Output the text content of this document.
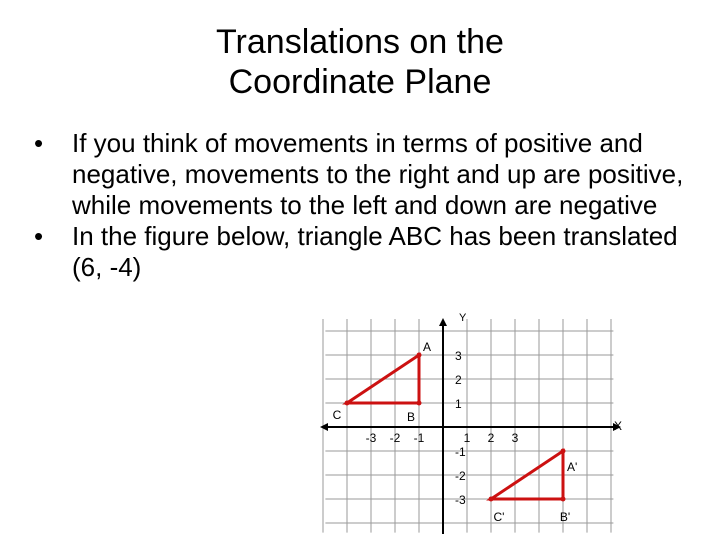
Translations on the
Coordinate Plane
• If you think of movements in terms of positive and negative, movements to the right and up are positive, while movements to the left and down are negative
• In the figure below, triangle ABC has been translated (6, -4)
X
Y
-3 -2 -1	1 2 3
3
2
1
-1
-2
-3
A
B
C
A'
B'
C'
